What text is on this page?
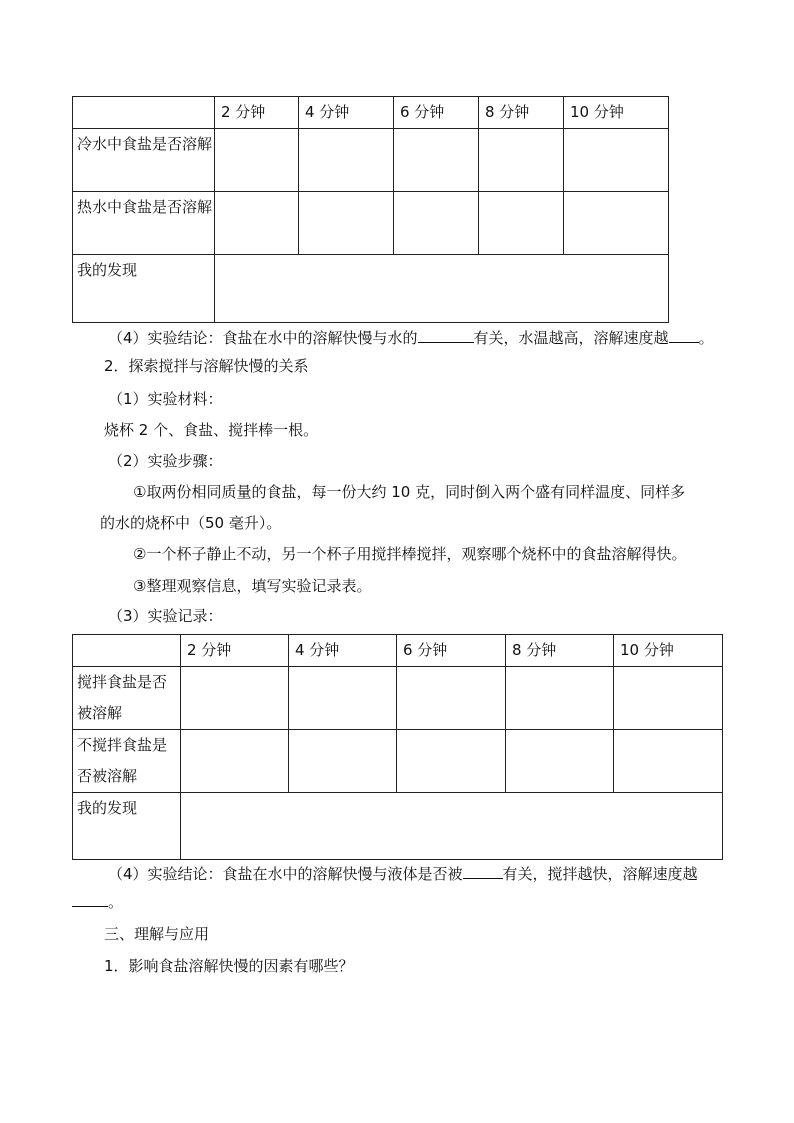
	2 分钟	4 分钟	6 分钟	8 分钟	10 分钟
冷水中食盐是否溶解					
热水中食盐是否溶解					
我的发现					
（4）实验结论：食盐在水中的溶解快慢与水的	有关，水温越高，溶解速度越 。
2．探索搅拌与溶解快慢的关系
（1）实验材料：
烧杯 2 个、食盐、搅拌棒一根。
（2）实验步骤：
①取两份相同质量的食盐，每一份大约 10 克，同时倒入两个盛有同样温度、同样多
的水的烧杯中（50 毫升）。
②一个杯子静止不动，另一个杯子用搅拌棒搅拌，观察哪个烧杯中的食盐溶解得快。
③整理观察信息，填写实验记录表。
（3）实验记录：
	2 分钟	4 分钟	6 分钟	8 分钟	10 分钟
搅拌食盐是否被溶解					
不搅拌食盐是否被溶解					
我的发现					
（4）实验结论：食盐在水中的溶解快慢与液体是否被	有关，搅拌越快，溶解速度越
。
三、理解与应用
1．影响食盐溶解快慢的因素有哪些？
